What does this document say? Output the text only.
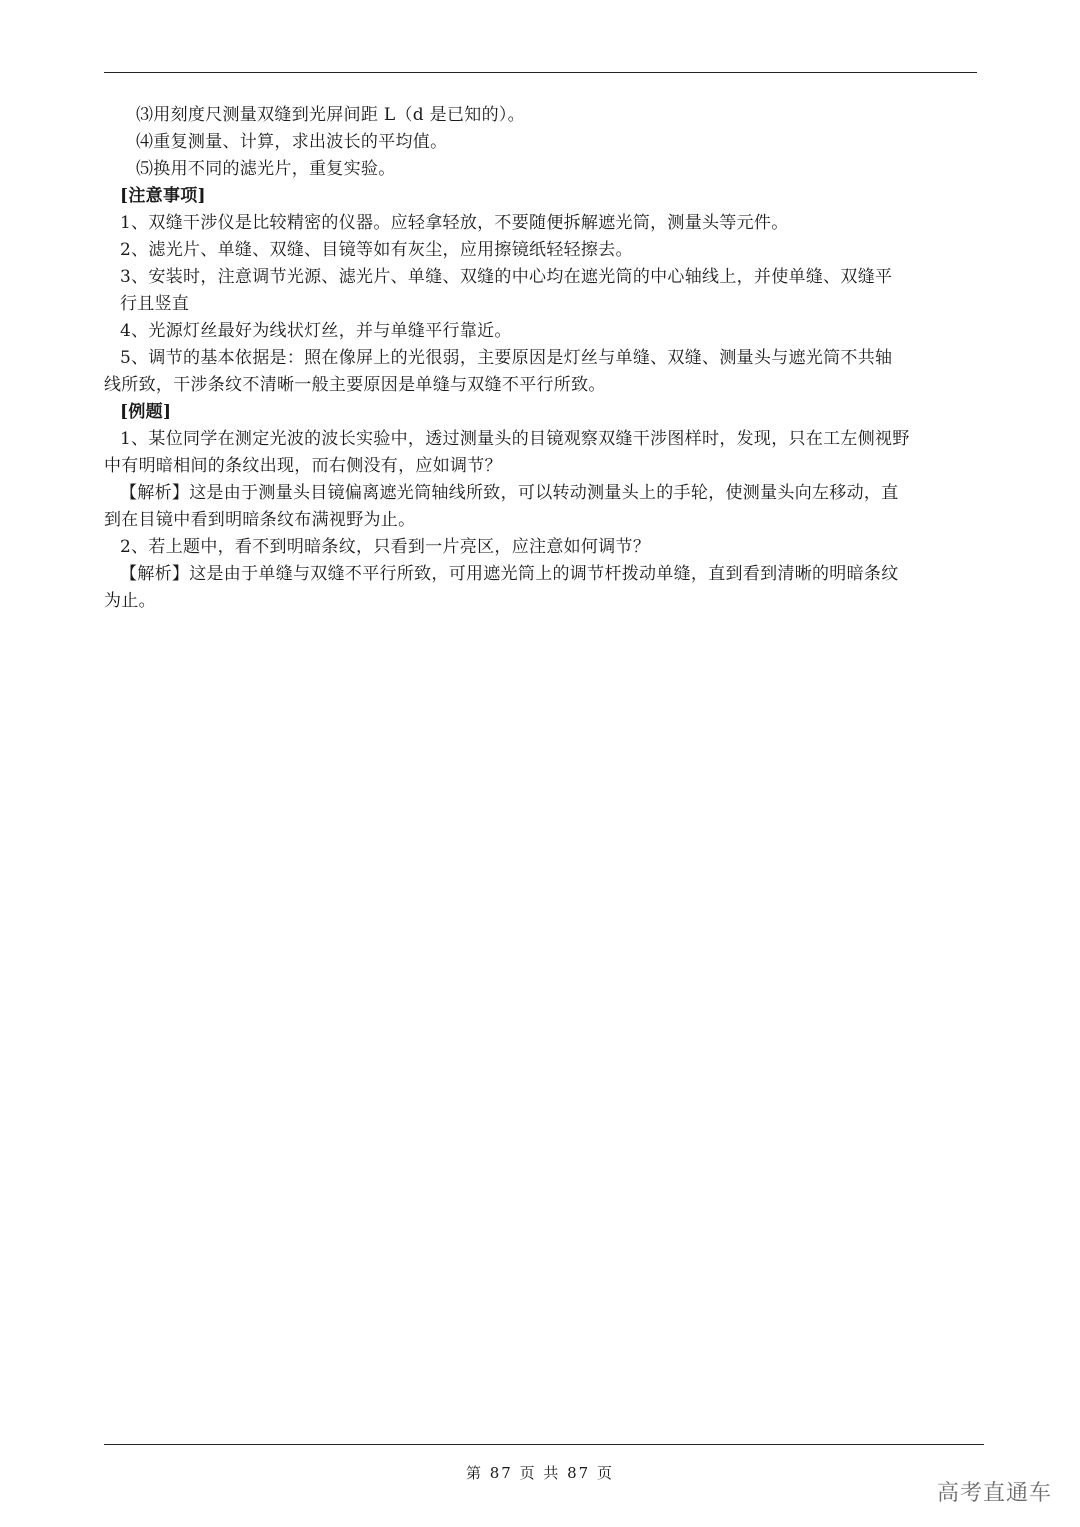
⑶用刻度尺测量双缝到光屏间距 L（d 是已知的）。
⑷重复测量、计算，求出波长的平均值。
⑸换用不同的滤光片，重复实验。
[注意事项]
1、双缝干涉仪是比较精密的仪器。应轻拿轻放，不要随便拆解遮光筒，测量头等元件。
2、滤光片、单缝、双缝、目镜等如有灰尘，应用擦镜纸轻轻擦去。
3、安装时，注意调节光源、滤光片、单缝、双缝的中心均在遮光筒的中心轴线上，并使单缝、双缝平
行且竖直
4、光源灯丝最好为线状灯丝，并与单缝平行靠近。
5、调节的基本依据是：照在像屏上的光很弱，主要原因是灯丝与单缝、双缝、测量头与遮光筒不共轴
线所致，干涉条纹不清晰一般主要原因是单缝与双缝不平行所致。
[例题]
1、某位同学在测定光波的波长实验中，透过测量头的目镜观察双缝干涉图样时，发现，只在工左侧视野
中有明暗相间的条纹出现，而右侧没有，应如调节？
【解析】这是由于测量头目镜偏离遮光筒轴线所致，可以转动测量头上的手轮，使测量头向左移动，直
到在目镜中看到明暗条纹布满视野为止。
2、若上题中，看不到明暗条纹，只看到一片亮区，应注意如何调节？
【解析】这是由于单缝与双缝不平行所致，可用遮光筒上的调节杆拨动单缝，直到看到清晰的明暗条纹
为止。
第 87 页 共 87 页
高考直通车
